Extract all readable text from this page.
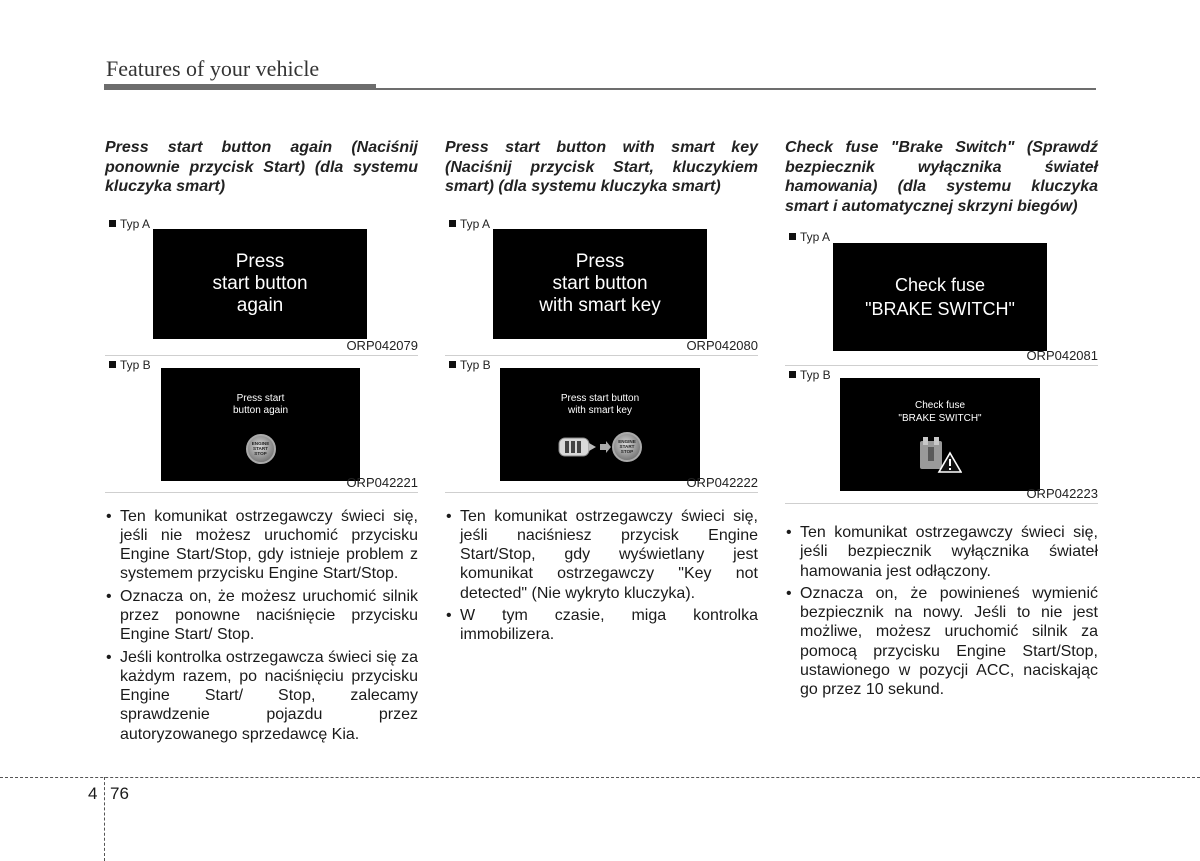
Features of your vehicle

Press start button again (Naciśnij ponownie przycisk Start) (dla systemu kluczyka smart)

Typ A
Press
start button
again
ORP042079
Typ B
Press start
button again
ENGINE
START
STOP
ORP042221
• Ten komunikat ostrzegawczy świeci się, jeśli nie możesz uruchomić przycisku Engine Start/Stop, gdy istnieje problem z systemem przycisku Engine Start/Stop.
• Oznacza on, że możesz uruchomić silnik przez ponowne naciśnięcie przycisku Engine Start/ Stop.
• Jeśli kontrolka ostrzegawcza świeci się za każdym razem, po naciśnięciu przycisku Engine Start/ Stop, zalecamy sprawdzenie pojazdu przez autoryzowanego sprzedawcę Kia.

Press start button with smart key (Naciśnij przycisk Start, kluczykiem smart) (dla systemu kluczyka smart)

Typ A
Press
start button
with smart key
ORP042080
Typ B
Press start button
with smart key
ENGINE
START
STOP
ORP042222
• Ten komunikat ostrzegawczy świeci się, jeśli naciśniesz przycisk Engine Start/Stop, gdy wyświetlany jest komunikat ostrzegawczy "Key not detected" (Nie wykryto kluczyka).
• W tym czasie, miga kontrolka immobilizera.

Check fuse "Brake Switch" (Sprawdź bezpiecznik wyłącznika świateł hamowania) (dla systemu kluczyka smart i automatycznej skrzyni biegów)

Typ A
Check fuse
"BRAKE SWITCH"
ORP042081
Typ B
Check fuse
"BRAKE SWITCH"
ORP042223
• Ten komunikat ostrzegawczy świeci się, jeśli bezpiecznik wyłącznika świateł hamowania jest odłączony.
• Oznacza on, że powinieneś wymienić bezpiecznik na nowy. Jeśli to nie jest możliwe, możesz uruchomić silnik za pomocą przycisku Engine Start/Stop, ustawionego w pozycji ACC, naciskając go przez 10 sekund.
4 76
